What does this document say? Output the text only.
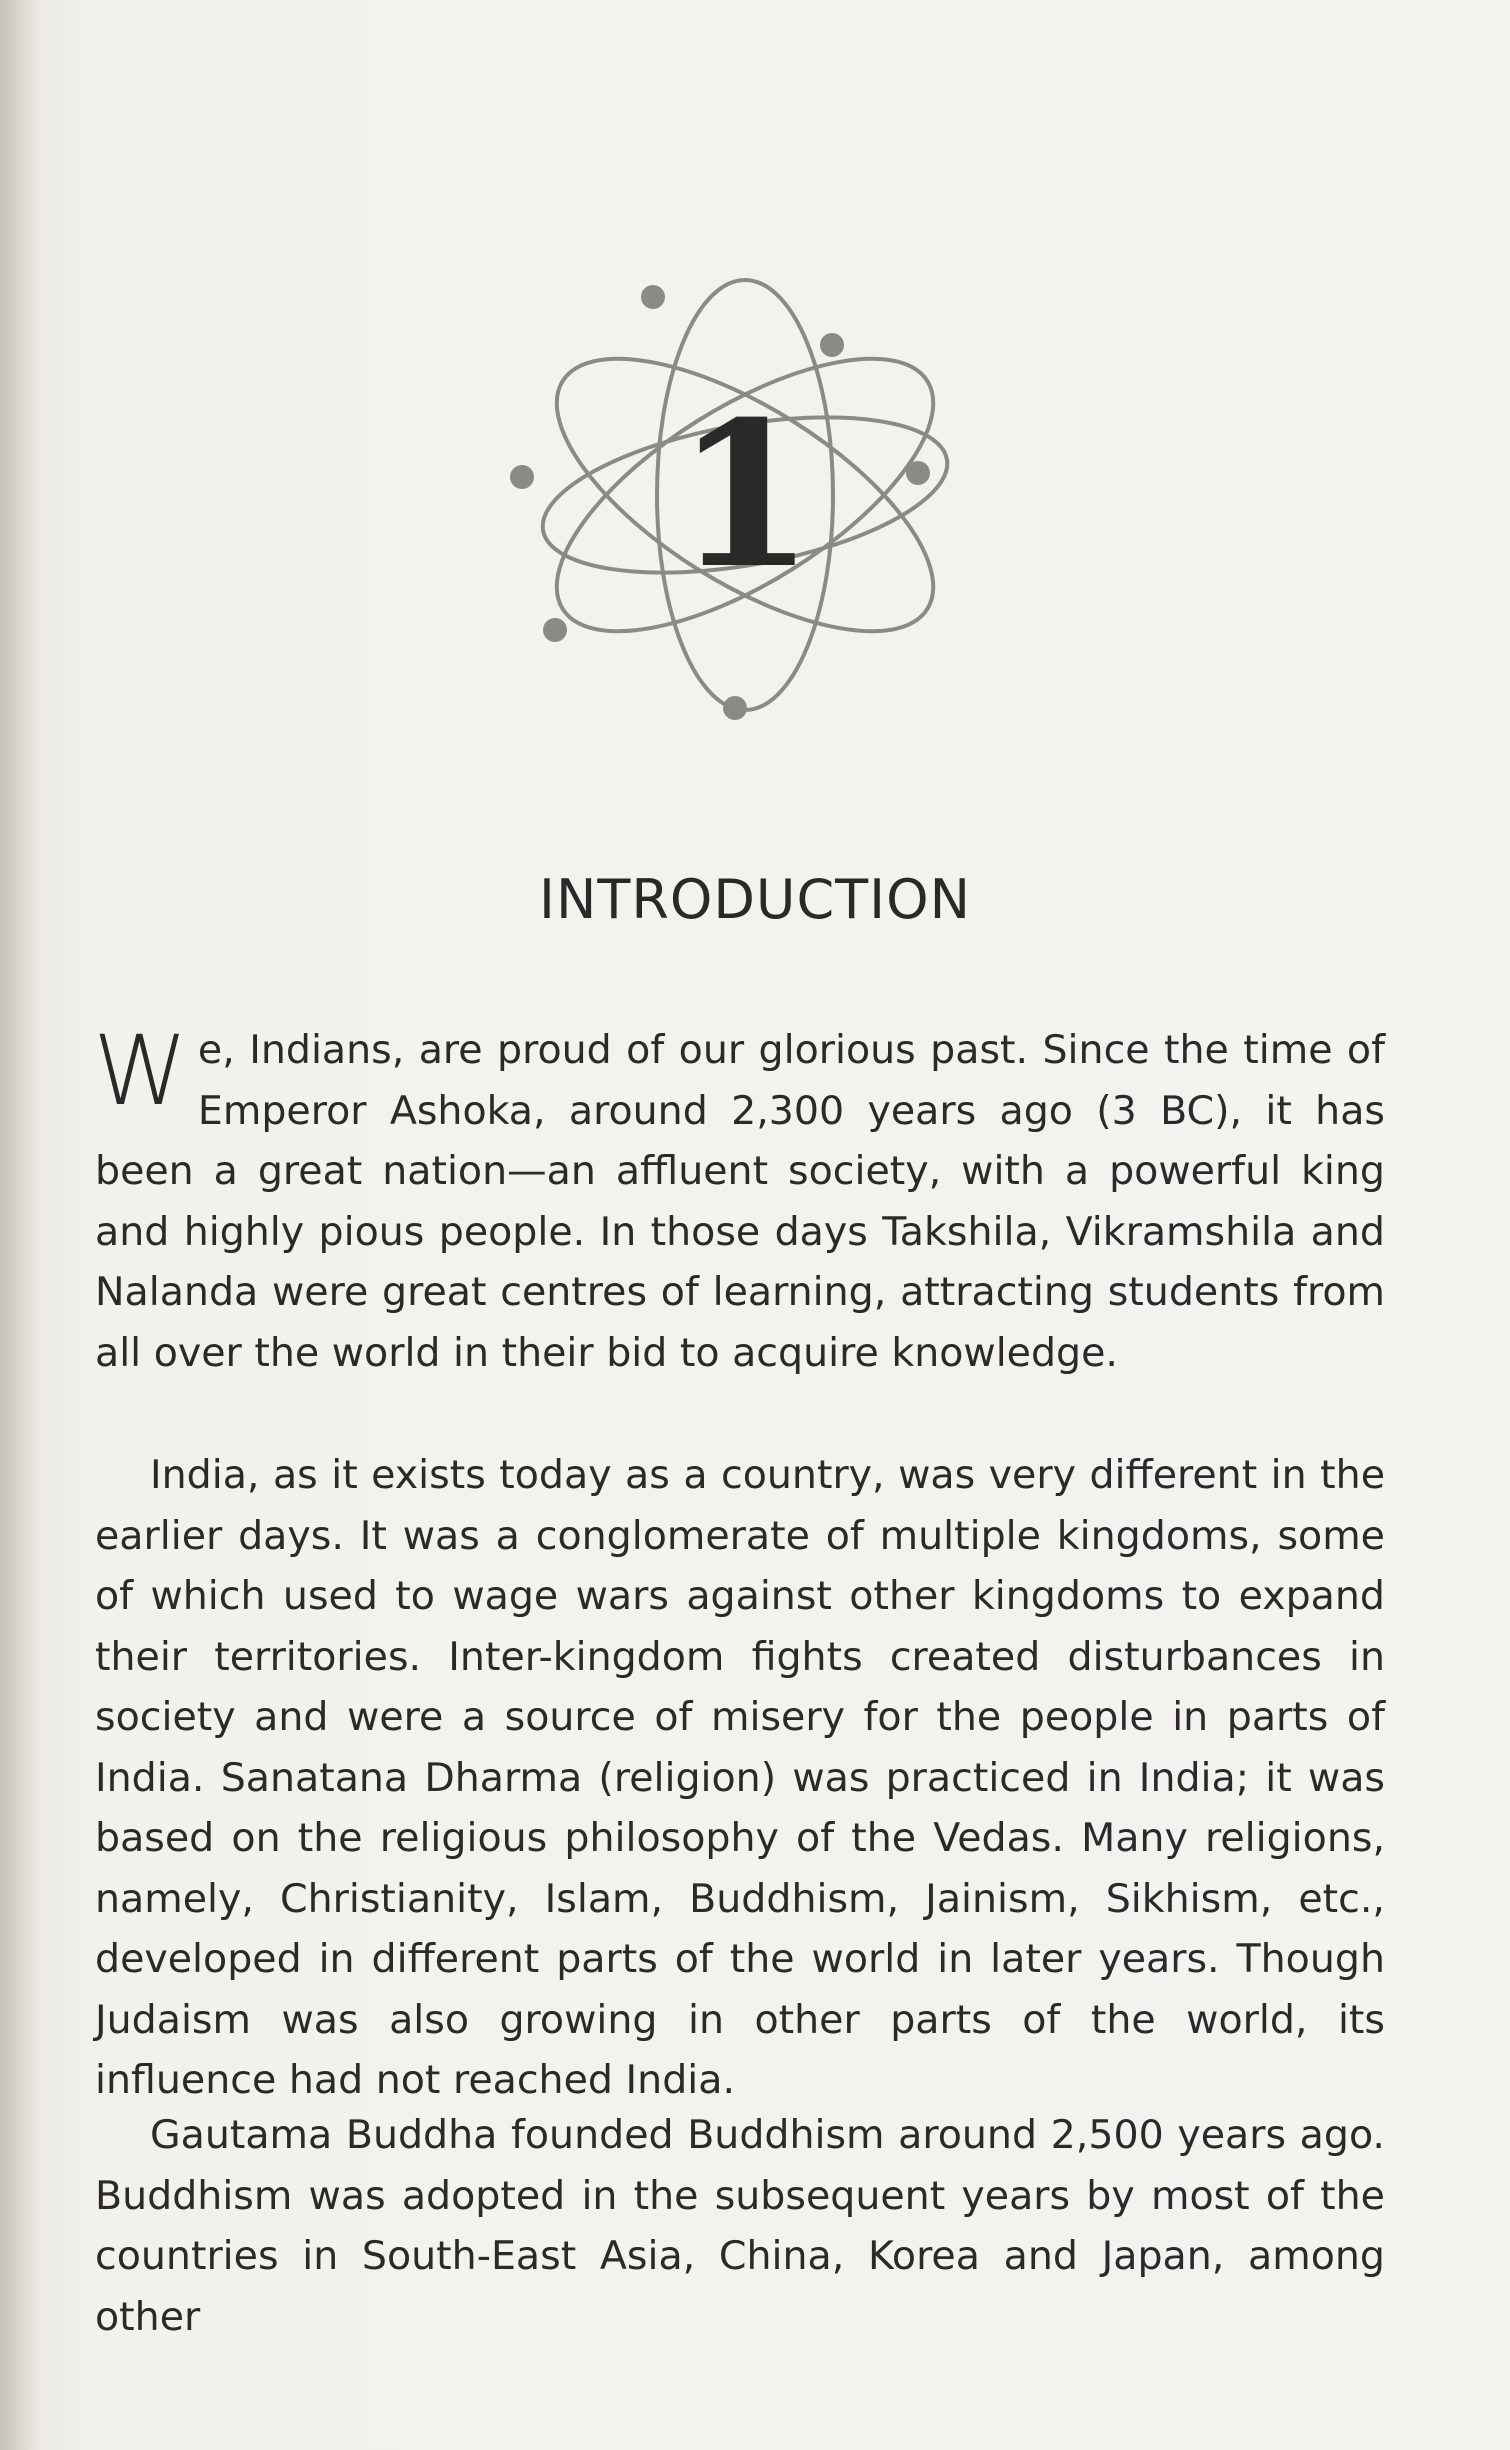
1
INTRODUCTION

We, Indians, are proud of our glorious past. Since the time of Emperor Ashoka, around 2,300 years ago (3 BC), it has been a great nation—an affluent society, with a powerful king and highly pious people. In those days Takshila, Vikramshila and Nalanda were great centres of learning, attracting students from all over the world in their bid to acquire knowledge.

India, as it exists today as a country, was very different in the earlier days. It was a conglomerate of multiple kingdoms, some of which used to wage wars against other kingdoms to expand their territories. Inter-kingdom fights created disturbances in society and were a source of misery for the people in parts of India. Sanatana Dharma (religion) was practiced in India; it was based on the religious philosophy of the Vedas. Many religions, namely, Christianity, Islam, Buddhism, Jainism, Sikhism, etc., developed in different parts of the world in later years. Though Judaism was also growing in other parts of the world, its influence had not reached India.

Gautama Buddha founded Buddhism around 2,500 years ago. Buddhism was adopted in the subsequent years by most of the countries in South-East Asia, China, Korea and Japan, among other
